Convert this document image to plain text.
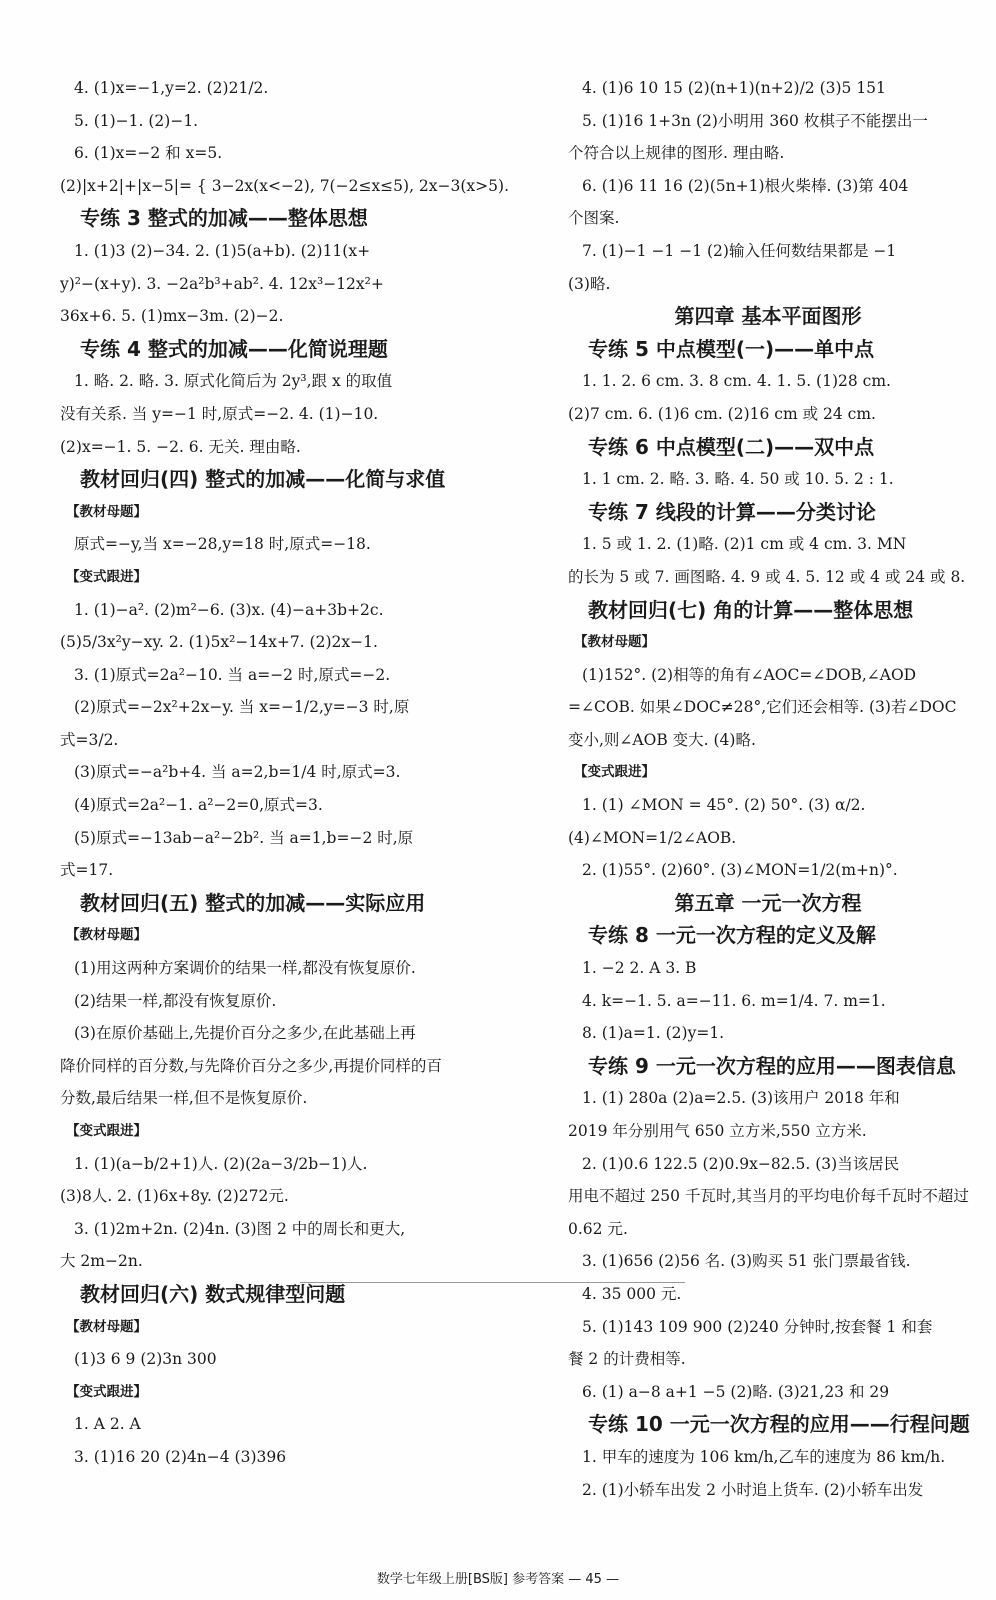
4. (1)x=−1,y=2. (2)21/2.
5. (1)−1. (2)−1.
6. (1)x=−2 和 x=5.
(2)|x+2|+|x−5|= { 3−2x(x<−2), 7(−2≤x≤5), 2x−3(x>5).
专练 3 整式的加减——整体思想
1. (1)3 (2)−34. 2. (1)5(a+b). (2)11(x+
y)²−(x+y). 3. −2a²b³+ab². 4. 12x³−12x²+
36x+6. 5. (1)mx−3m. (2)−2.
专练 4 整式的加减——化简说理题
1. 略. 2. 略. 3. 原式化简后为 2y³,跟 x 的取值
没有关系. 当 y=−1 时,原式=−2. 4. (1)−10.
(2)x=−1. 5. −2. 6. 无关. 理由略.
教材回归(四) 整式的加减——化简与求值
【教材母题】
原式=−y,当 x=−28,y=18 时,原式=−18.
【变式跟进】
1. (1)−a². (2)m²−6. (3)x. (4)−a+3b+2c.
(5)5/3x²y−xy. 2. (1)5x²−14x+7. (2)2x−1.
3. (1)原式=2a²−10. 当 a=−2 时,原式=−2.
(2)原式=−2x²+2x−y. 当 x=−1/2,y=−3 时,原
式=3/2.
(3)原式=−a²b+4. 当 a=2,b=1/4 时,原式=3.
(4)原式=2a²−1. a²−2=0,原式=3.
(5)原式=−13ab−a²−2b². 当 a=1,b=−2 时,原
式=17.
教材回归(五) 整式的加减——实际应用
【教材母题】
(1)用这两种方案调价的结果一样,都没有恢复原价.
(2)结果一样,都没有恢复原价.
(3)在原价基础上,先提价百分之多少,在此基础上再
降价同样的百分数,与先降价百分之多少,再提价同样的百
分数,最后结果一样,但不是恢复原价.
【变式跟进】
1. (1)(a−b/2+1)人. (2)(2a−3/2b−1)人.
(3)8人. 2. (1)6x+8y. (2)272元.
3. (1)2m+2n. (2)4n. (3)图 2 中的周长和更大,
大 2m−2n.
教材回归(六) 数式规律型问题
【教材母题】
(1)3 6 9 (2)3n 300
【变式跟进】
1. A 2. A
3. (1)16 20 (2)4n−4 (3)396
4. (1)6 10 15 (2)(n+1)(n+2)/2 (3)5 151
5. (1)16 1+3n (2)小明用 360 枚棋子不能摆出一
个符合以上规律的图形. 理由略.
6. (1)6 11 16 (2)(5n+1)根火柴棒. (3)第 404
个图案.
7. (1)−1 −1 −1 (2)输入任何数结果都是 −1
(3)略.
第四章 基本平面图形
专练 5 中点模型(一)——单中点
1. 1. 2. 6 cm. 3. 8 cm. 4. 1. 5. (1)28 cm.
(2)7 cm. 6. (1)6 cm. (2)16 cm 或 24 cm.
专练 6 中点模型(二)——双中点
1. 1 cm. 2. 略. 3. 略. 4. 50 或 10. 5. 2 : 1.
专练 7 线段的计算——分类讨论
1. 5 或 1. 2. (1)略. (2)1 cm 或 4 cm. 3. MN
的长为 5 或 7. 画图略. 4. 9 或 4. 5. 12 或 4 或 24 或 8.
教材回归(七) 角的计算——整体思想
【教材母题】
(1)152°. (2)相等的角有∠AOC=∠DOB,∠AOD
=∠COB. 如果∠DOC≠28°,它们还会相等. (3)若∠DOC
变小,则∠AOB 变大. (4)略.
【变式跟进】
1. (1) ∠MON = 45°. (2) 50°. (3) α/2.
(4)∠MON=1/2∠AOB.
2. (1)55°. (2)60°. (3)∠MON=1/2(m+n)°.
第五章 一元一次方程
专练 8 一元一次方程的定义及解
1. −2 2. A 3. B
4. k=−1. 5. a=−11. 6. m=1/4. 7. m=1.
8. (1)a=1. (2)y=1.
专练 9 一元一次方程的应用——图表信息
1. (1) 280a (2)a=2.5. (3)该用户 2018 年和
2019 年分别用气 650 立方米,550 立方米.
2. (1)0.6 122.5 (2)0.9x−82.5. (3)当该居民
用电不超过 250 千瓦时,其当月的平均电价每千瓦时不超过
0.62 元.
3. (1)656 (2)56 名. (3)购买 51 张门票最省钱.
4. 35 000 元.
5. (1)143 109 900 (2)240 分钟时,按套餐 1 和套
餐 2 的计费相等.
6. (1) a−8 a+1 −5 (2)略. (3)21,23 和 29
专练 10 一元一次方程的应用——行程问题
1. 甲车的速度为 106 km/h,乙车的速度为 86 km/h.
2. (1)小轿车出发 2 小时追上货车. (2)小轿车出发
数学七年级上册[BS版] 参考答案 — 45 —
